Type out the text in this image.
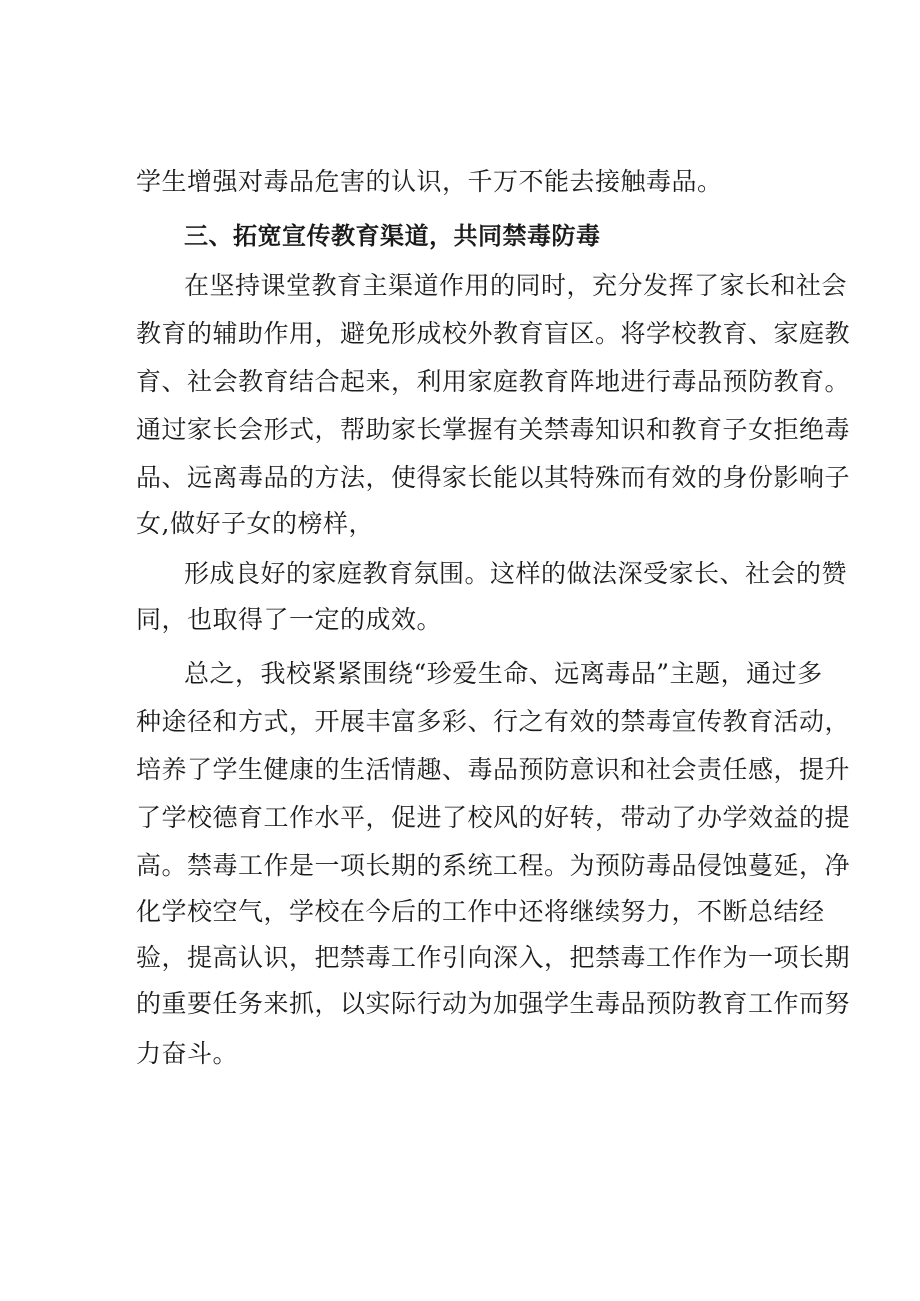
学生增强对毒品危害的认识，千万不能去接触毒品。

三、拓宽宣传教育渠道，共同禁毒防毒

在坚持课堂教育主渠道作用的同时，充分发挥了家长和社会

教育的辅助作用，避免形成校外教育盲区。将学校教育、家庭教

育、社会教育结合起来，利用家庭教育阵地进行毒品预防教育。

通过家长会形式，帮助家长掌握有关禁毒知识和教育子女拒绝毒

品、远离毒品的方法，使得家长能以其特殊而有效的身份影响子

女,做好子女的榜样，

形成良好的家庭教育氛围。这样的做法深受家长、社会的赞

同，也取得了一定的成效。

总之，我校紧紧围绕“珍爱生命、远离毒品”主题，通过多

种途径和方式，开展丰富多彩、行之有效的禁毒宣传教育活动，

培养了学生健康的生活情趣、毒品预防意识和社会责任感，提升

了学校德育工作水平，促进了校风的好转，带动了办学效益的提

高。禁毒工作是一项长期的系统工程。为预防毒品侵蚀蔓延，净

化学校空气，学校在今后的工作中还将继续努力，不断总结经

验，提高认识，把禁毒工作引向深入，把禁毒工作作为一项长期

的重要任务来抓，以实际行动为加强学生毒品预防教育工作而努

力奋斗。
